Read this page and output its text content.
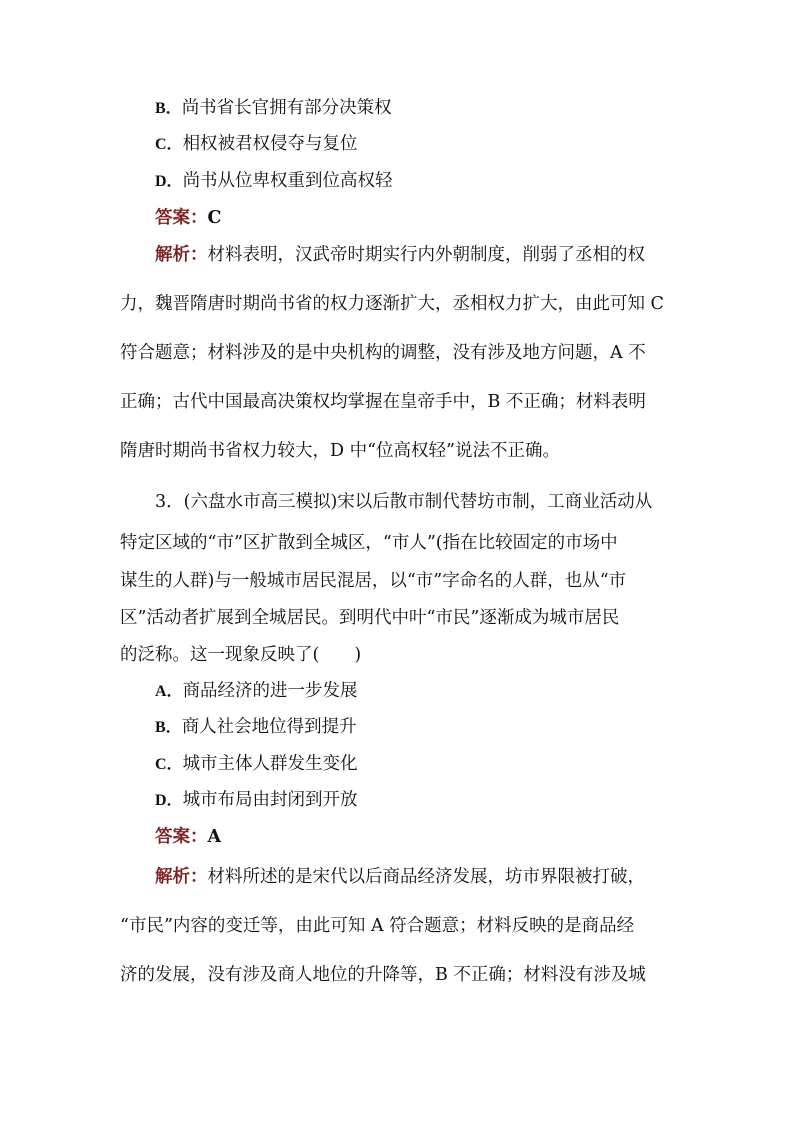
B．尚书省长官拥有部分决策权
C．相权被君权侵夺与复位
D．尚书从位卑权重到位高权轻
答案：C
解析：材料表明，汉武帝时期实行内外朝制度，削弱了丞相的权
力，魏晋隋唐时期尚书省的权力逐渐扩大，丞相权力扩大，由此可知 C
符合题意；材料涉及的是中央机构的调整，没有涉及地方问题，A 不
正确；古代中国最高决策权均掌握在皇帝手中，B 不正确；材料表明
隋唐时期尚书省权力较大，D 中“位高权轻”说法不正确。
3．(六盘水市高三模拟)宋以后散市制代替坊市制，工商业活动从
特定区域的“市”区扩散到全城区，“市人”(指在比较固定的市场中
谋生的人群)与一般城市居民混居，以“市”字命名的人群，也从“市
区”活动者扩展到全城居民。到明代中叶“市民”逐渐成为城市居民
的泛称。这一现象反映了(　　)
A．商品经济的进一步发展
B．商人社会地位得到提升
C．城市主体人群发生变化
D．城市布局由封闭到开放
答案：A
解析：材料所述的是宋代以后商品经济发展，坊市界限被打破，
“市民”内容的变迁等，由此可知 A 符合题意；材料反映的是商品经
济的发展，没有涉及商人地位的升降等，B 不正确；材料没有涉及城
